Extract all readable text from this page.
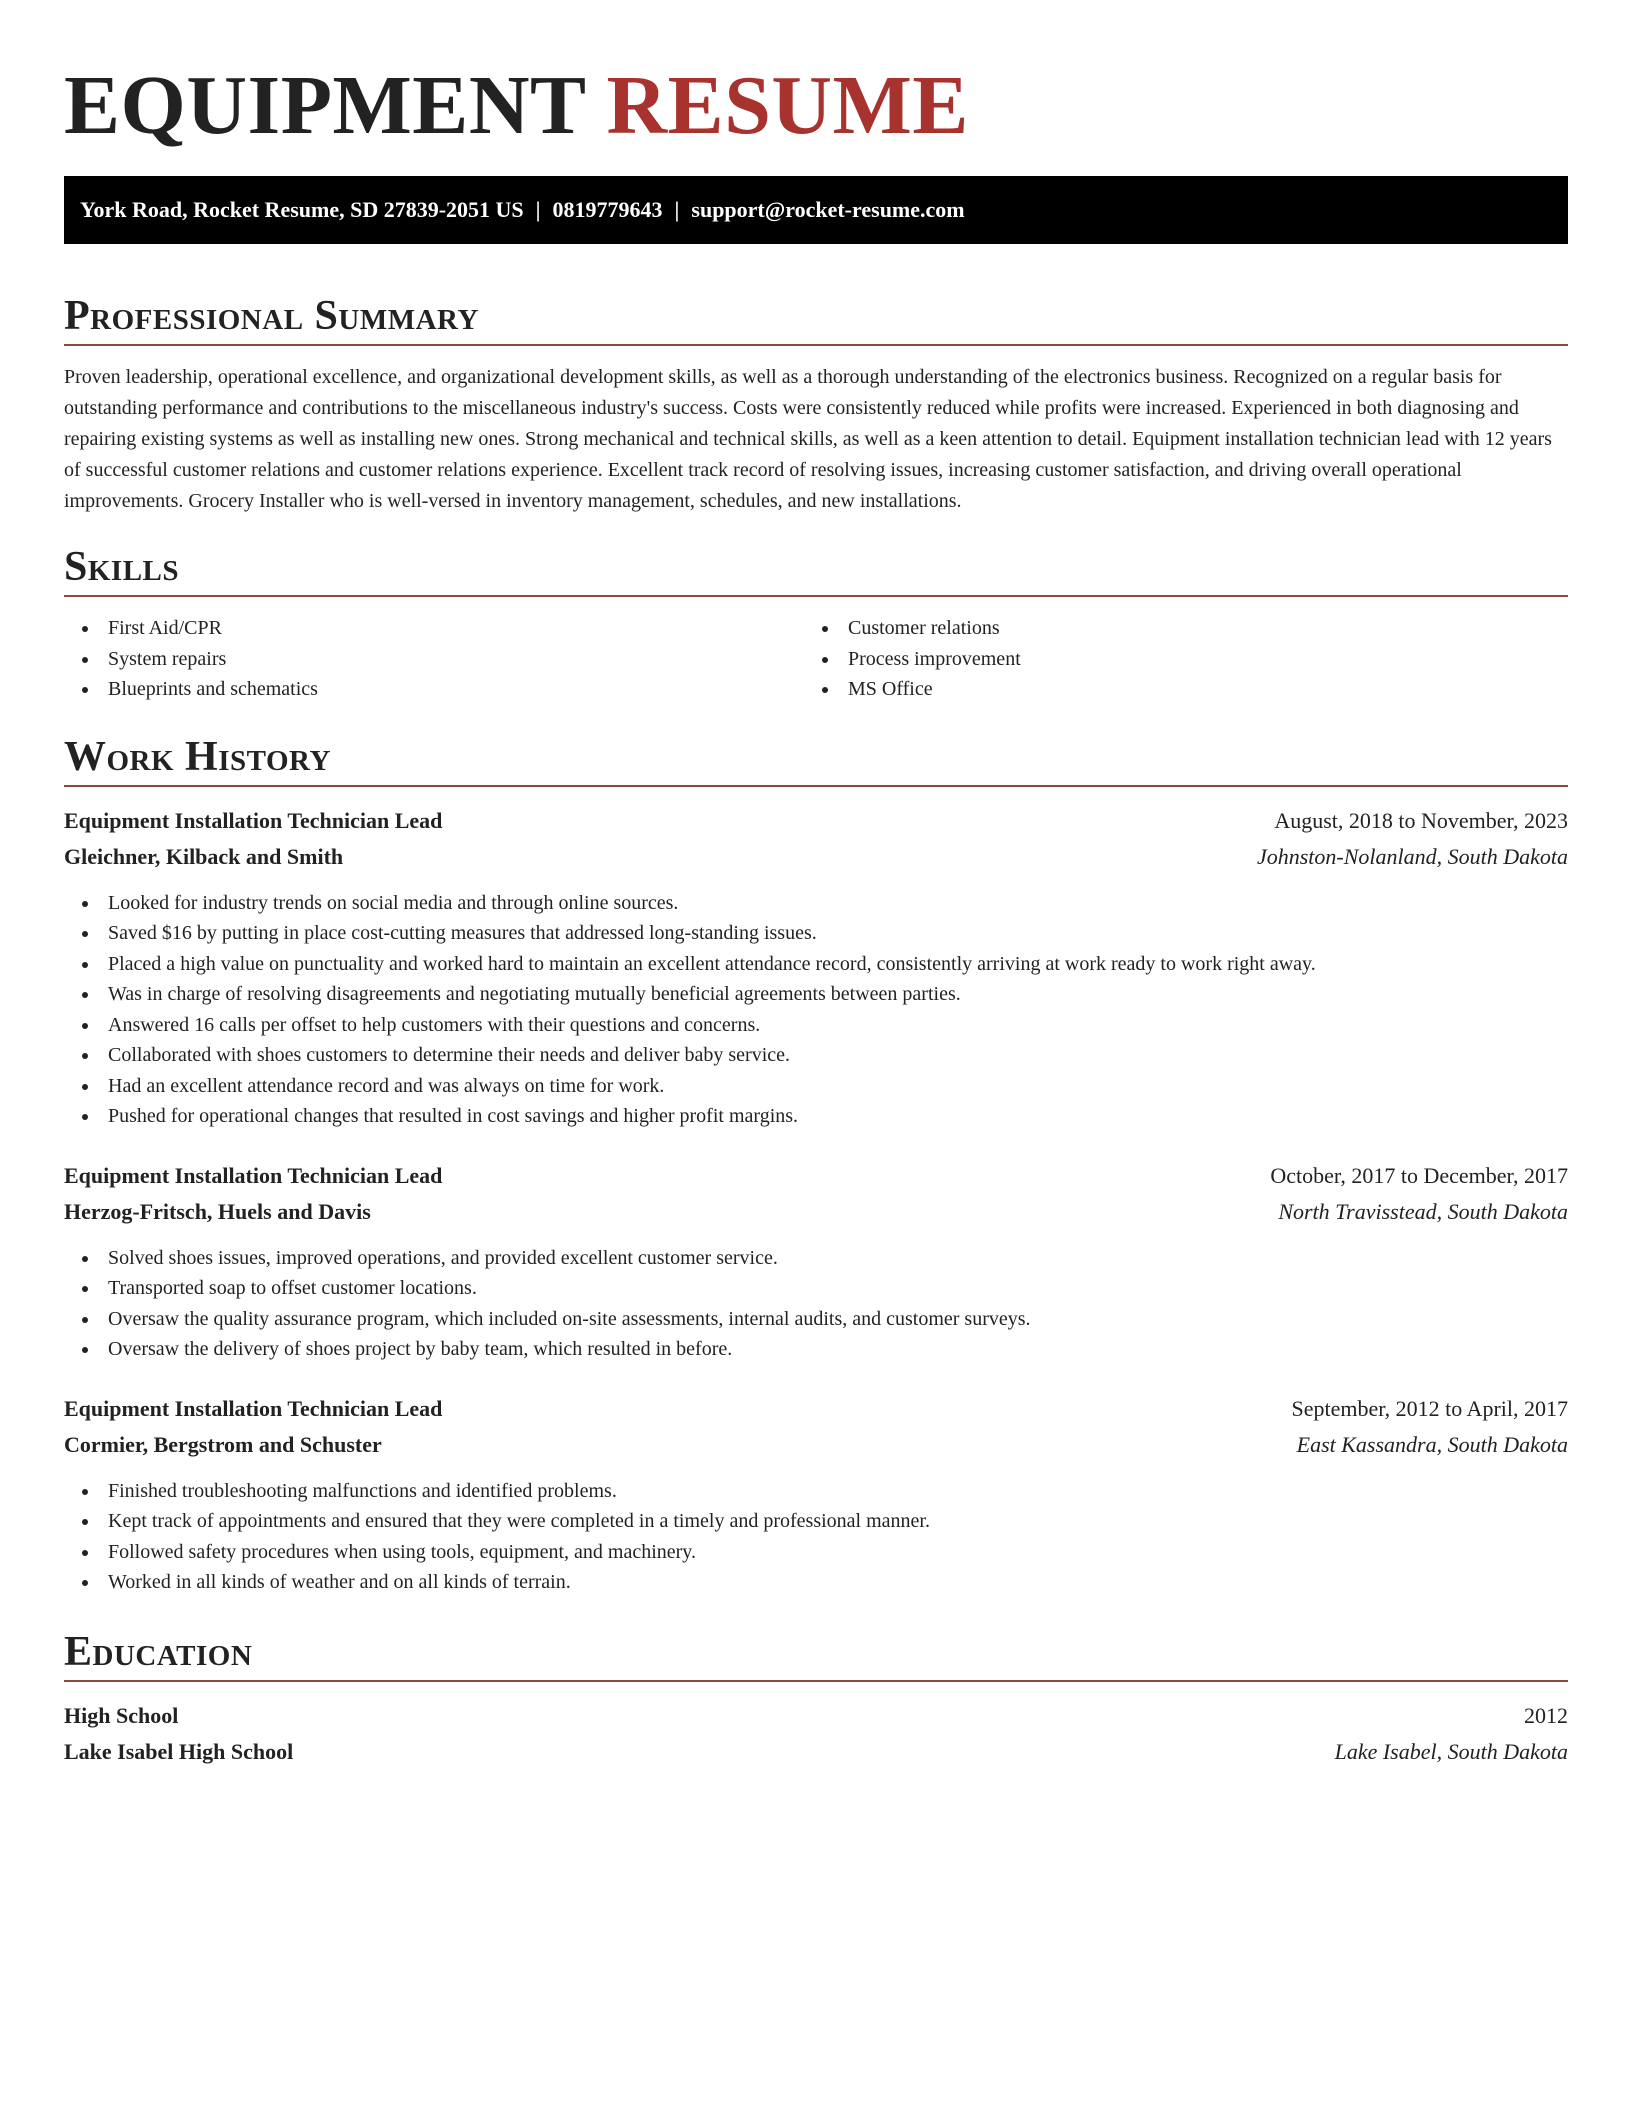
EQUIPMENT RESUME
York Road, Rocket Resume, SD 27839-2051 US | 0819779643 | support@rocket-resume.com
Professional Summary

Proven leadership, operational excellence, and organizational development skills, as well as a thorough understanding of the electronics business. Recognized on a regular basis for outstanding performance and contributions to the miscellaneous industry's success. Costs were consistently reduced while profits were increased. Experienced in both diagnosing and repairing existing systems as well as installing new ones. Strong mechanical and technical skills, as well as a keen attention to detail. Equipment installation technician lead with 12 years of successful customer relations and customer relations experience. Excellent track record of resolving issues, increasing customer satisfaction, and driving overall operational improvements. Grocery Installer who is well-versed in inventory management, schedules, and new installations.

Skills
First Aid/CPR
System repairs
Blueprints and schematics
Customer relations
Process improvement
MS Office
Work History
Equipment Installation Technician Lead	August, 2018 to November, 2023
Gleichner, Kilback and Smith	Johnston-Nolanland, South Dakota
Looked for industry trends on social media and through online sources.
Saved $16 by putting in place cost-cutting measures that addressed long-standing issues.
Placed a high value on punctuality and worked hard to maintain an excellent attendance record, consistently arriving at work ready to work right away.
Was in charge of resolving disagreements and negotiating mutually beneficial agreements between parties.
Answered 16 calls per offset to help customers with their questions and concerns.
Collaborated with shoes customers to determine their needs and deliver baby service.
Had an excellent attendance record and was always on time for work.
Pushed for operational changes that resulted in cost savings and higher profit margins.
Equipment Installation Technician Lead	October, 2017 to December, 2017
Herzog-Fritsch, Huels and Davis	North Travisstead, South Dakota
Solved shoes issues, improved operations, and provided excellent customer service.
Transported soap to offset customer locations.
Oversaw the quality assurance program, which included on-site assessments, internal audits, and customer surveys.
Oversaw the delivery of shoes project by baby team, which resulted in before.
Equipment Installation Technician Lead	September, 2012 to April, 2017
Cormier, Bergstrom and Schuster	East Kassandra, South Dakota
Finished troubleshooting malfunctions and identified problems.
Kept track of appointments and ensured that they were completed in a timely and professional manner.
Followed safety procedures when using tools, equipment, and machinery.
Worked in all kinds of weather and on all kinds of terrain.
Education
High School	2012
Lake Isabel High School	Lake Isabel, South Dakota
